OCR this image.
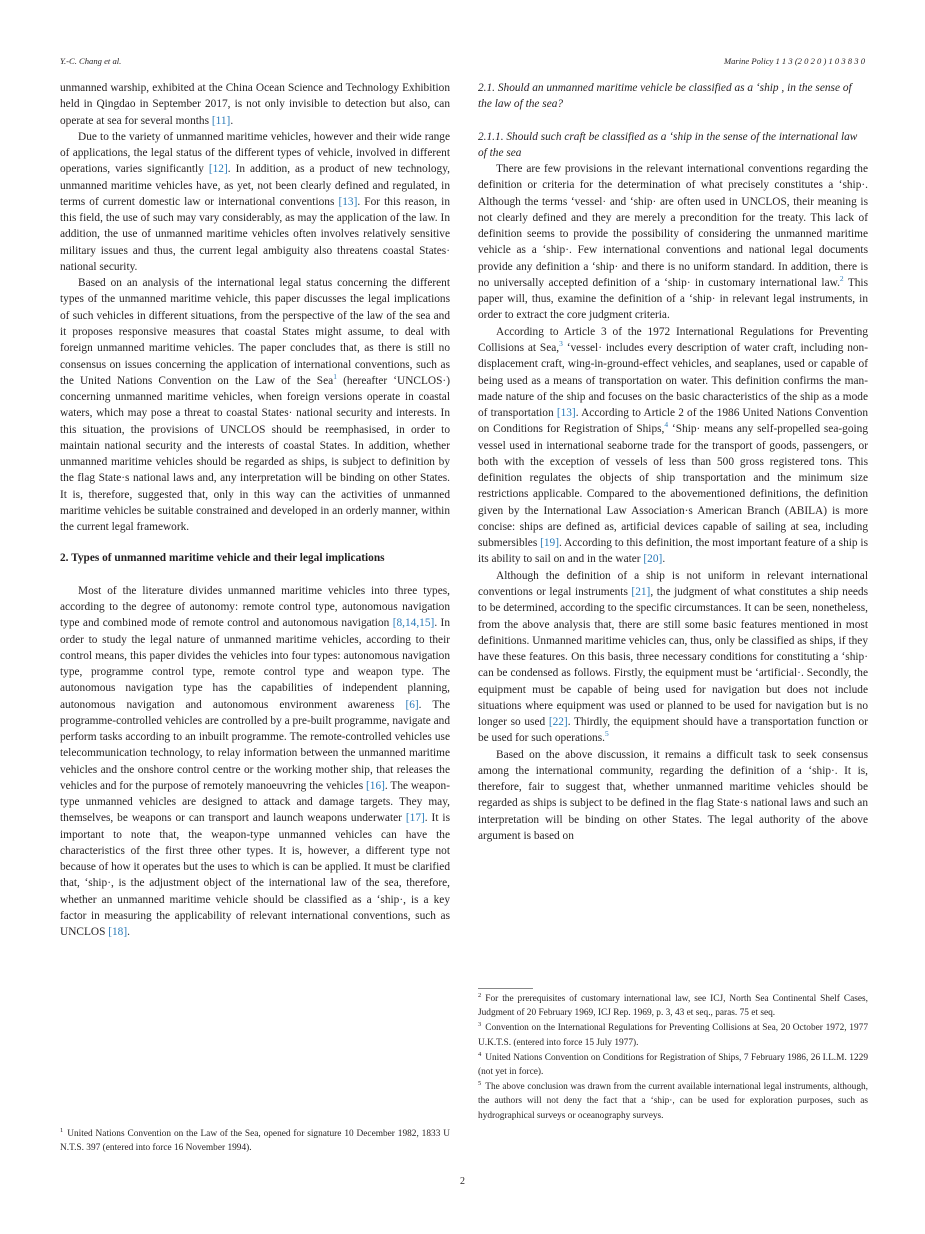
Y.-C. Chang et al.	Marine Policy 1 1 3 (2 0 2 0 ) 1 0 3 8 3 0

unmanned warship, exhibited at the China Ocean Science and Technology Exhibition held in Qingdao in September 2017, is not only invisible to detection but also, can operate at sea for several months [11].

Due to the variety of unmanned maritime vehicles, however and their wide range of applications, the legal status of the different types of vehicle, involved in different operations, varies significantly [12]. In addition, as a product of new technology, unmanned maritime vehicles have, as yet, not been clearly defined and regulated, in terms of current domestic law or international conventions [13]. For this reason, in this field, the use of such may vary considerably, as may the application of the law. In addition, the use of unmanned maritime vehicles often involves relatively sensitive military issues and thus, the current legal ambiguity also threatens coastal States· national security.

Based on an analysis of the international legal status concerning the different types of the unmanned maritime vehicle, this paper discusses the legal implications of such vehicles in different situations, from the perspective of the law of the sea and it proposes responsive measures that coastal States might assume, to deal with foreign unmanned maritime vehicles. The paper concludes that, as there is still no consensus on issues concerning the application of international conventions, such as the United Nations Convention on the Law of the Sea$^1$ (hereafter ‘UNCLOS·) concerning unmanned maritime vehicles, when foreign versions operate in coastal waters, which may pose a threat to coastal States· national security and interests. In this situation, the provisions of UNCLOS should be reemphasised, in order to maintain national security and the interests of coastal States. In addition, whether unmanned maritime vehicles should be regarded as ships, is subject to definition by the flag State·s national laws and, any interpretation will be binding on other States. It is, therefore, suggested that, only in this way can the activities of unmanned maritime vehicles be suitable constrained and developed in an orderly manner, within the current legal framework.

2. Types of unmanned maritime vehicle and their legal implications

Most of the literature divides unmanned maritime vehicles into three types, according to the degree of autonomy: remote control type, autonomous navigation type and combined mode of remote control and autonomous navigation [8,14,15]. In order to study the legal nature of unmanned maritime vehicles, according to their control means, this paper divides the vehicles into four types: autonomous navigation type, programme control type, remote control type and weapon type. The autonomous navigation type has the capabilities of independent planning, autonomous navigation and autonomous environment awareness [6]. The programme-controlled vehicles are controlled by a pre-built programme, navigate and perform tasks according to an inbuilt programme. The remote-controlled vehicles use telecommunication technology, to relay information between the unmanned maritime vehicles and the onshore control centre or the working mother ship, that releases the vehicles and for the purpose of remotely manoeuvring the vehicles [16]. The weapon-type unmanned vehicles are designed to attack and damage targets. They may, themselves, be weapons or can transport and launch weapons underwater [17]. It is important to note that, the weapon-type unmanned vehicles can have the characteristics of the first three other types. It is, however, a different type not because of how it operates but the uses to which is can be applied. It must be clarified that, ‘ship·, is the adjustment object of the international law of the sea, therefore, whether an unmanned maritime vehicle should be classified as a ‘ship·, is a key factor in measuring the applicability of relevant international conventions, such as UNCLOS [18].

$^1$ United Nations Convention on the Law of the Sea, opened for signature 10 December 1982, 1833 U N.T.S. 397 (entered into force 16 November 1994).

2.1. Should an unmanned maritime vehicle be classified as a ‘ship , in the sense of the law of the sea?
2.1.1. Should such craft be classified as a ‘ship in the sense of the international law of the sea

There are few provisions in the relevant international conventions regarding the definition or criteria for the determination of what precisely constitutes a ‘ship·. Although the terms ‘vessel· and ‘ship· are often used in UNCLOS, their meaning is not clearly defined and they are merely a precondition for the treaty. This lack of definition seems to provide the possibility of considering the unmanned maritime vehicle as a ‘ship·. Few international conventions and national legal documents provide any definition a ‘ship· and there is no uniform standard. In addition, there is no universally accepted definition of a ‘ship· in customary international law.$^2$ This paper will, thus, examine the definition of a ‘ship· in relevant legal instruments, in order to extract the core judgment criteria.

According to Article 3 of the 1972 International Regulations for Preventing Collisions at Sea,$^3$ ‘vessel· includes every description of water craft, including non-displacement craft, wing-in-ground-effect vehicles, and seaplanes, used or capable of being used as a means of transportation on water. This definition confirms the man-made nature of the ship and focuses on the basic characteristics of the ship as a mode of transportation [13]. According to Article 2 of the 1986 United Nations Convention on Conditions for Registration of Ships,$^4$ ‘Ship· means any self-propelled sea-going vessel used in international seaborne trade for the transport of goods, passengers, or both with the exception of vessels of less than 500 gross registered tons. This definition regulates the objects of ship transportation and the minimum size restrictions applicable. Compared to the abovementioned definitions, the definition given by the International Law Association·s American Branch (ABILA) is more concise: ships are defined as, artificial devices capable of sailing at sea, including submersibles [19]. According to this definition, the most important feature of a ship is its ability to sail on and in the water [20].

Although the definition of a ship is not uniform in relevant international conventions or legal instruments [21], the judgment of what constitutes a ship needs to be determined, according to the specific circumstances. It can be seen, nonetheless, from the above analysis that, there are still some basic features mentioned in most definitions. Unmanned maritime vehicles can, thus, only be classified as ships, if they have these features. On this basis, three necessary conditions for constituting a ‘ship· can be condensed as follows. Firstly, the equipment must be ‘artificial·. Secondly, the equipment must be capable of being used for navigation but does not include situations where equipment was used or planned to be used for navigation but is no longer so used [22]. Thirdly, the equipment should have a transportation function or be used for such operations.$^5$

Based on the above discussion, it remains a difficult task to seek consensus among the international community, regarding the definition of a ‘ship·. It is, therefore, fair to suggest that, whether unmanned maritime vehicles should be regarded as ships is subject to be defined in the flag State·s national laws and such an interpretation will be binding on other States. The legal authority of the above argument is based on

$^2$ For the prerequisites of customary international law, see ICJ, North Sea Continental Shelf Cases, Judgment of 20 February 1969, ICJ Rep. 1969, p. 3, 43 et seq., paras. 75 et seq.

$^3$ Convention on the International Regulations for Preventing Collisions at Sea, 20 October 1972, 1977 U.K.T.S. (entered into force 15 July 1977).

$^4$ United Nations Convention on Conditions for Registration of Ships, 7 February 1986, 26 I.L.M. 1229 (not yet in force).

$^5$ The above conclusion was drawn from the current available international legal instruments, although, the authors will not deny the fact that a ‘ship·, can be used for exploration purposes, such as hydrographical surveys or oceanography surveys.

2
